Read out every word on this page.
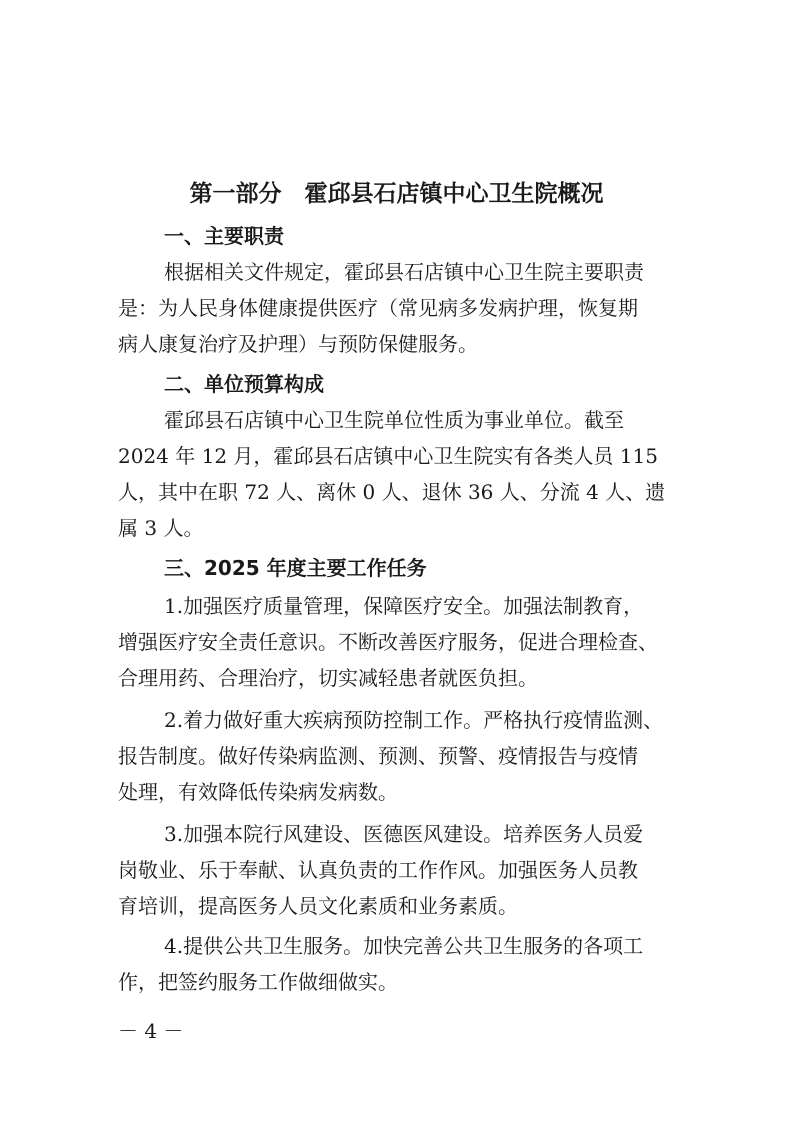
第一部分　霍邱县石店镇中心卫生院概况
一、主要职责

根据相关文件规定，霍邱县石店镇中心卫生院主要职责

是：为人民身体健康提供医疗（常见病多发病护理，恢复期

病人康复治疗及护理）与预防保健服务。

二、单位预算构成

霍邱县石店镇中心卫生院单位性质为事业单位。截至

2024 年 12 月，霍邱县石店镇中心卫生院实有各类人员 115

人，其中在职 72 人、离休 0 人、退休 36 人、分流 4 人、遗

属 3 人。

三、2025 年度主要工作任务

1.加强医疗质量管理，保障医疗安全。加强法制教育，

增强医疗安全责任意识。不断改善医疗服务，促进合理检查、

合理用药、合理治疗，切实减轻患者就医负担。

2.着力做好重大疾病预防控制工作。严格执行疫情监测、

报告制度。做好传染病监测、预测、预警、疫情报告与疫情

处理，有效降低传染病发病数。

3.加强本院行风建设、医德医风建设。培养医务人员爱

岗敬业、乐于奉献、认真负责的工作作风。加强医务人员教

育培训，提高医务人员文化素质和业务素质。

4.提供公共卫生服务。加快完善公共卫生服务的各项工

作，把签约服务工作做细做实。

－ 4 －
